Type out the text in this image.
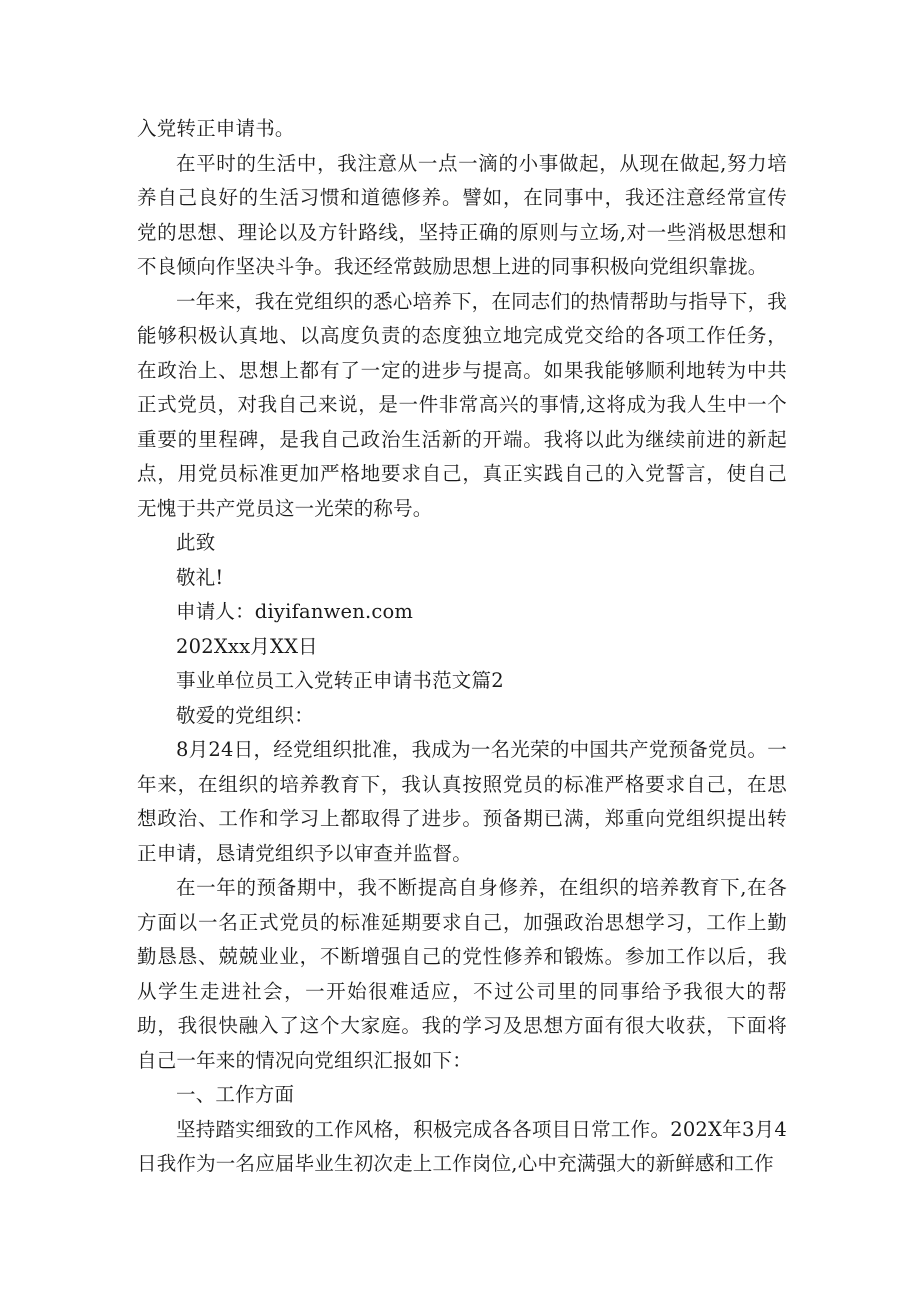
入党转正申请书。

在平时的生活中，我注意从一点一滴的小事做起，从现在做起,努力培养自己良好的生活习惯和道德修养。譬如，在同事中，我还注意经常宣传党的思想、理论以及方针路线，坚持正确的原则与立场,对一些消极思想和不良倾向作坚决斗争。我还经常鼓励思想上进的同事积极向党组织靠拢。

一年来，我在党组织的悉心培养下，在同志们的热情帮助与指导下，我能够积极认真地、以高度负责的态度独立地完成党交给的各项工作任务，在政治上、思想上都有了一定的进步与提高。如果我能够顺利地转为中共正式党员，对我自己来说，是一件非常高兴的事情,这将成为我人生中一个重要的里程碑，是我自己政治生活新的开端。我将以此为继续前进的新起点，用党员标准更加严格地要求自己，真正实践自己的入党誓言，使自己无愧于共产党员这一光荣的称号。

此致

敬礼!

申请人：diyifanwen.com

202Xxx月XX日

事业单位员工入党转正申请书范文篇2

敬爱的党组织：

8月24日，经党组织批准，我成为一名光荣的中国共产党预备党员。一年来，在组织的培养教育下，我认真按照党员的标准严格要求自己，在思想政治、工作和学习上都取得了进步。预备期已满，郑重向党组织提出转正申请，恳请党组织予以审查并监督。

在一年的预备期中，我不断提高自身修养，在组织的培养教育下,在各方面以一名正式党员的标准延期要求自己，加强政治思想学习，工作上勤勤恳恳、兢兢业业，不断增强自己的党性修养和锻炼。参加工作以后，我从学生走进社会，一开始很难适应，不过公司里的同事给予我很大的帮助，我很快融入了这个大家庭。我的学习及思想方面有很大收获，下面将自己一年来的情况向党组织汇报如下：

一、工作方面

坚持踏实细致的工作风格，积极完成各各项目日常工作。202X年3月4日我作为一名应届毕业生初次走上工作岗位,心中充满强大的新鲜感和工作
